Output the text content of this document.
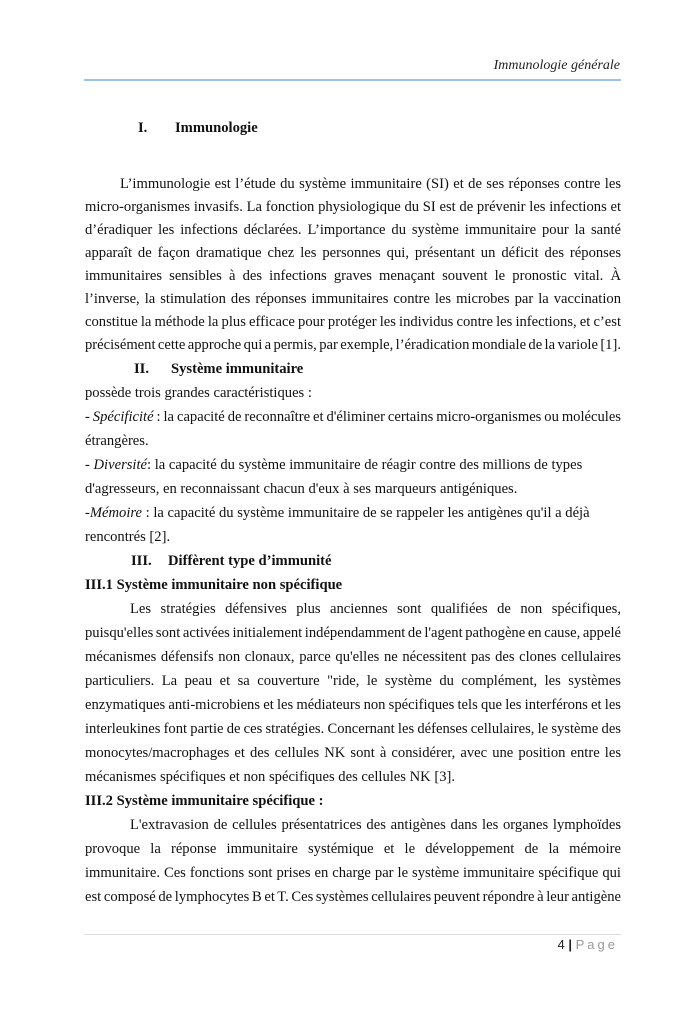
Immunologie générale
I. Immunologie
L’immunologie est l’étude du système immunitaire (SI) et de ses réponses contre les
micro-organismes invasifs. La fonction physiologique du SI est de prévenir les infections et
d’éradiquer les infections déclarées. L’importance du système immunitaire pour la santé
apparaît de façon dramatique chez les personnes qui, présentant un déficit des réponses
immunitaires sensibles à des infections graves menaçant souvent le pronostic vital. À
l’inverse, la stimulation des réponses immunitaires contre les microbes par la vaccination
constitue la méthode la plus efficace pour protéger les individus contre les infections, et c’est
précisément cette approche qui a permis, par exemple, l’éradication mondiale de la variole [1].
II. Système immunitaire
possède trois grandes caractéristiques :
- Spécificité : la capacité de reconnaître et d'éliminer certains micro-organismes ou molécules
étrangères.
- Diversité: la capacité du système immunitaire de réagir contre des millions de types
d'agresseurs, en reconnaissant chacun d'eux à ses marqueurs antigéniques.
-Mémoire : la capacité du système immunitaire de se rappeler les antigènes qu'il a déjà
rencontrés [2].
III. Diffèrent type d’immunité
III.1 Système immunitaire non spécifique
Les stratégies défensives plus anciennes sont qualifiées de non spécifiques,
puisqu'elles sont activées initialement indépendamment de l'agent pathogène en cause, appelé
mécanismes défensifs non clonaux, parce qu'elles ne nécessitent pas des clones cellulaires
particuliers. La peau et sa couverture "ride, le système du complément, les systèmes
enzymatiques anti-microbiens et les médiateurs non spécifiques tels que les interférons et les
interleukines font partie de ces stratégies. Concernant les défenses cellulaires, le système des
monocytes/macrophages et des cellules NK sont à considérer, avec une position entre les
mécanismes spécifiques et non spécifiques des cellules NK [3].
III.2 Système immunitaire spécifique :
L'extravasion de cellules présentatrices des antigènes dans les organes lymphoïdes
provoque la réponse immunitaire systémique et le développement de la mémoire
immunitaire. Ces fonctions sont prises en charge par le système immunitaire spécifique qui
est composé de lymphocytes B et T. Ces systèmes cellulaires peuvent répondre à leur antigène
4 | Page
